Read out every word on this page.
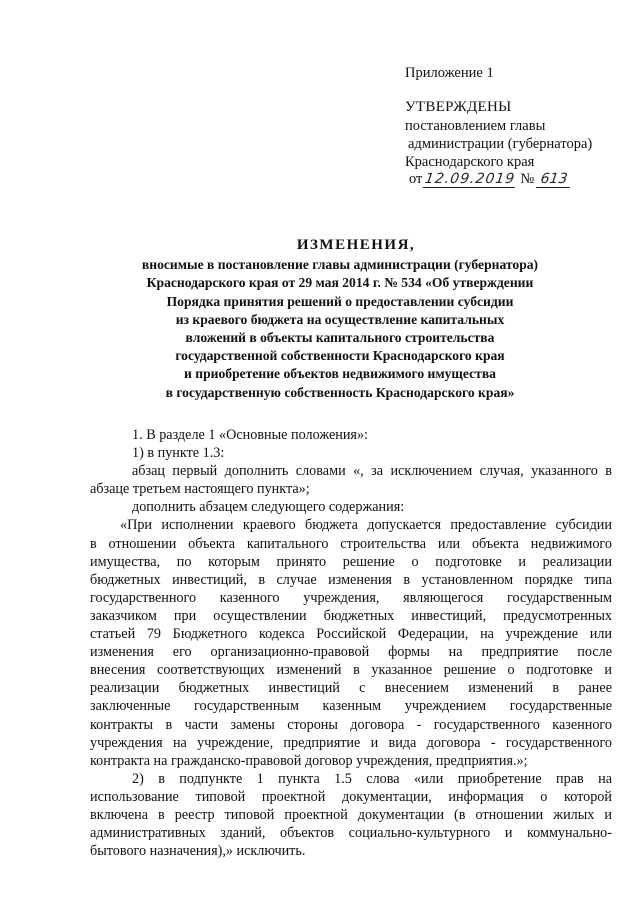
Приложение 1
УТВЕРЖДЕНЫ
постановлением главы
администрации (губернатора)
Краснодарского края
от 12.09.2019 № 613
ИЗМЕНЕНИЯ,
вносимые в постановление главы администрации (губернатора)
Краснодарского края от 29 мая 2014 г. № 534 «Об утверждении
Порядка принятия решений о предоставлении субсидии
из краевого бюджета на осуществление капитальных
вложений в объекты капитального строительства
государственной собственности Краснодарского края
и приобретение объектов недвижимого имущества
в государственную собственность Краснодарского края»
1. В разделе 1 «Основные положения»:
1) в пункте 1.3:
абзац первый дополнить словами «, за исключением случая, указанного в
абзаце третьем настоящего пункта»;
дополнить абзацем следующего содержания:
«При исполнении краевого бюджета допускается предоставление субсидии
в отношении объекта капитального строительства или объекта недвижимого
имущества, по которым принято решение о подготовке и реализации
бюджетных инвестиций, в случае изменения в установленном порядке типа
государственного казенного учреждения, являющегося государственным
заказчиком при осуществлении бюджетных инвестиций, предусмотренных
статьей 79 Бюджетного кодекса Российской Федерации, на учреждение или
изменения его организационно-правовой формы на предприятие после
внесения соответствующих изменений в указанное решение о подготовке и
реализации бюджетных инвестиций с внесением изменений в ранее
заключенные государственным казенным учреждением государственные
контракты в части замены стороны договора - государственного казенного
учреждения на учреждение, предприятие и вида договора - государственного
контракта на гражданско-правовой договор учреждения, предприятия.»;
2) в подпункте 1 пункта 1.5 слова «или приобретение прав на
использование типовой проектной документации, информация о которой
включена в реестр типовой проектной документации (в отношении жилых и
административных зданий, объектов социально-культурного и коммунально-
бытового назначения),» исключить.
